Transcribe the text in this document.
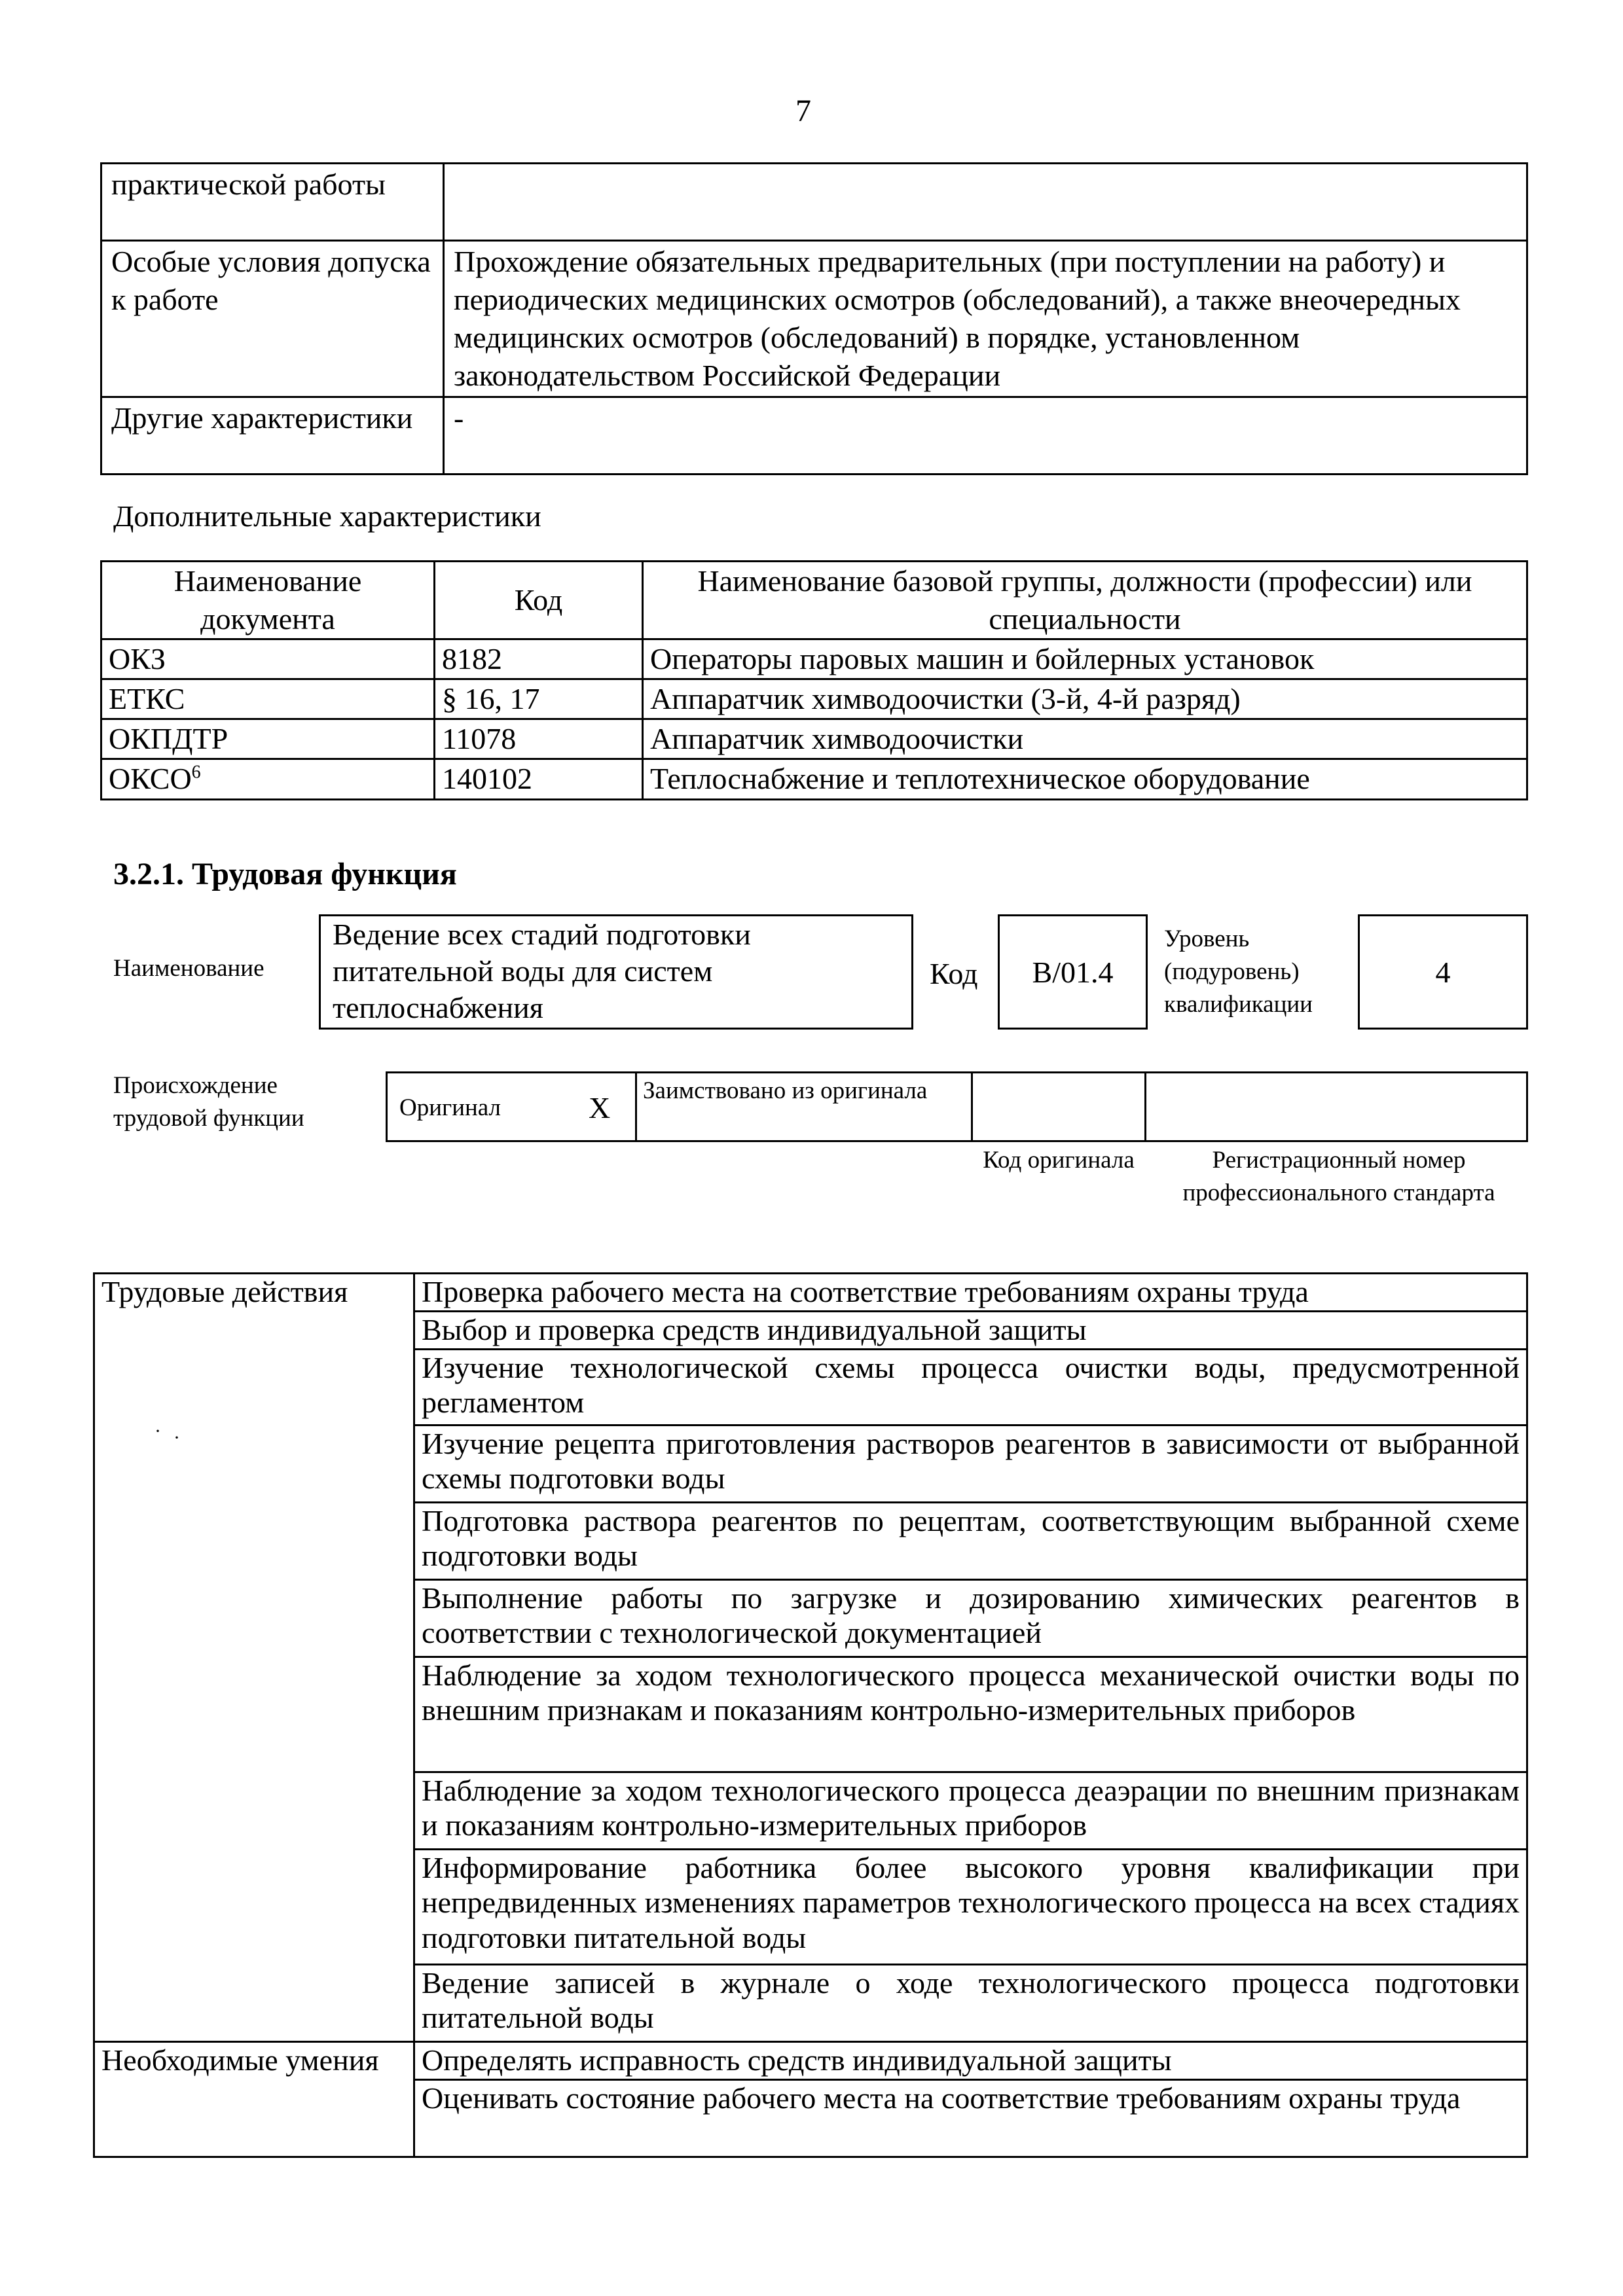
7
практической работы	
Особые условия допуска к работе	Прохождение обязательных предварительных (при поступлении на работу) и периодических медицинских осмотров (обследований), а также внеочередных медицинских осмотров (обследований) в порядке, установленном законодательством Российской Федерации
Другие характеристики	-
Дополнительные характеристики
Наименование документа	Код	Наименование базовой группы, должности (профессии) или специальности
ОКЗ	8182	Операторы паровых машин и бойлерных установок
ЕТКС	§ 16, 17	Аппаратчик химводоочистки (3-й, 4-й разряд)
ОКПДТР	11078	Аппаратчик химводоочистки
ОКСО$^6$	140102	Теплоснабжение и теплотехническое оборудование
3.2.1. Трудовая функция
Наименование
Ведение всех стадий подготовки питательной воды для систем теплоснабжения
Код B/01.4
Уровень (подуровень) квалификации
4
Происхождение трудовой функции	Оригинал	X
Заимствовано из оригинала
Код оригинала	Регистрационный номер профессионального стандарта
Трудовые действия	Проверка рабочего места на соответствие требованиям охраны труда
	Выбор и проверка средств индивидуальной защиты
	Изучение технологической схемы процесса очистки воды, предусмотренной регламентом
	Изучение рецепта приготовления растворов реагентов в зависимости от выбранной схемы подготовки воды
	Подготовка раствора реагентов по рецептам, соответствующим выбранной схеме подготовки воды
	Выполнение работы по загрузке и дозированию химических реагентов в соответствии с технологической документацией
	Наблюдение за ходом технологического процесса механической очистки воды по внешним признакам и показаниям контрольно-измерительных приборов
	Наблюдение за ходом технологического процесса деаэрации по внешним признакам и показаниям контрольно-измерительных приборов
	Информирование работника более высокого уровня квалификации при непредвиденных изменениях параметров технологического процесса на всех стадиях подготовки питательной воды
	Ведение записей в журнале о ходе технологического процесса подготовки питательной воды
Необходимые умения	Определять исправность средств индивидуальной защиты
	Оценивать состояние рабочего места на соответствие требованиям охраны труда
· ·
